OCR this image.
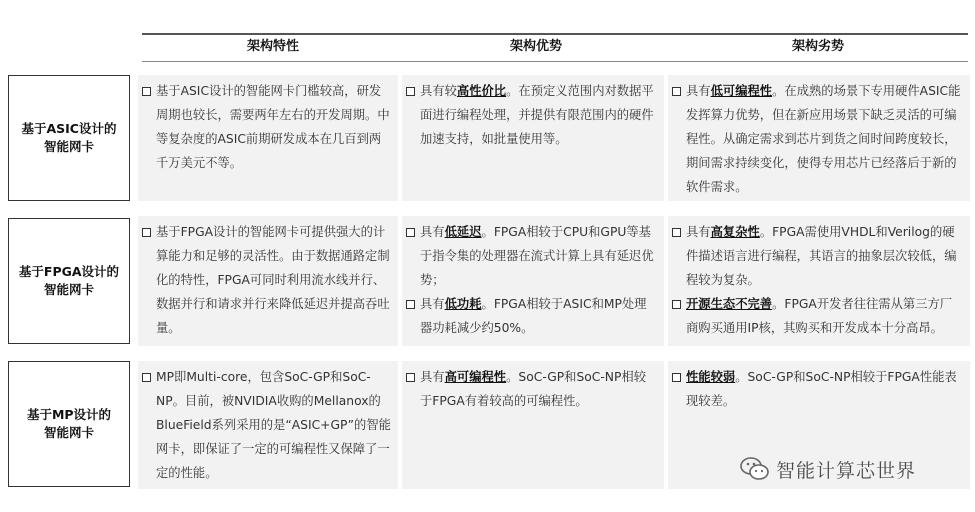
架构特性	架构优势	架构劣势
基于ASIC设计的
智能网卡
基于ASIC设计的智能网卡门槛较高，研发周期也较长，需要两年左右的开发周期。中等复杂度的ASIC前期研发成本在几百到两千万美元不等。
具有较高性价比。在预定义范围内对数据平面进行编程处理，并提供有限范围内的硬件加速支持，如批量使用等。
具有低可编程性。在成熟的场景下专用硬件ASIC能发挥算力优势，但在新应用场景下缺乏灵活的可编程性。从确定需求到芯片到货之间时间跨度较长，期间需求持续变化，使得专用芯片已经落后于新的软件需求。
基于FPGA设计的
智能网卡
基于FPGA设计的智能网卡可提供强大的计算能力和足够的灵活性。由于数据通路定制化的特性，FPGA可同时利用流水线并行、数据并行和请求并行来降低延迟并提高吞吐量。
具有低延迟。FPGA相较于CPU和GPU等基于指令集的处理器在流式计算上具有延迟优势；
具有低功耗。FPGA相较于ASIC和MP处理器功耗减少约50%。
具有高复杂性。FPGA需使用VHDL和Verilog的硬件描述语言进行编程，其语言的抽象层次较低，编程较为复杂。
开源生态不完善。FPGA开发者往往需从第三方厂商购买通用IP核，其购买和开发成本十分高昂。
基于MP设计的
智能网卡
MP即Multi-core，包含SoC-GP和SoC-NP。目前，被NVIDIA收购的Mellanox的BlueField系列采用的是“ASIC+GP”的智能网卡，即保证了一定的可编程性又保障了一定的性能。
具有高可编程性。SoC-GP和SoC-NP相较于FPGA有着较高的可编程性。
性能较弱。SoC-GP和SoC-NP相较于FPGA性能表现较差。
智能计算芯世界
